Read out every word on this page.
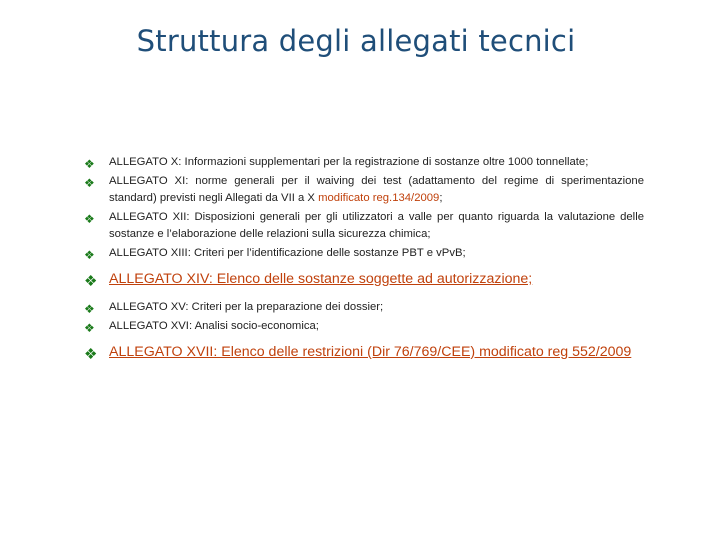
Struttura degli allegati tecnici
❖ ALLEGATO X: Informazioni supplementari per la registrazione di sostanze oltre 1000 tonnellate;
❖ ALLEGATO XI: norme generali per il waiving dei test (adattamento del regime di sperimentazione standard) previsti negli Allegati da VII a X modificato reg.134/2009;
❖ ALLEGATO XII: Disposizioni generali per gli utilizzatori a valle per quanto riguarda la valutazione delle sostanze e l’elaborazione delle relazioni sulla sicurezza chimica;
❖ ALLEGATO XIII: Criteri per l’identificazione delle sostanze PBT e vPvB;
❖ ALLEGATO XIV: Elenco delle sostanze soggette ad autorizzazione;
❖ ALLEGATO XV: Criteri per la preparazione dei dossier;
❖ ALLEGATO XVI: Analisi socio-economica;
❖ ALLEGATO XVII: Elenco delle restrizioni (Dir 76/769/CEE) modificato reg 552/2009
